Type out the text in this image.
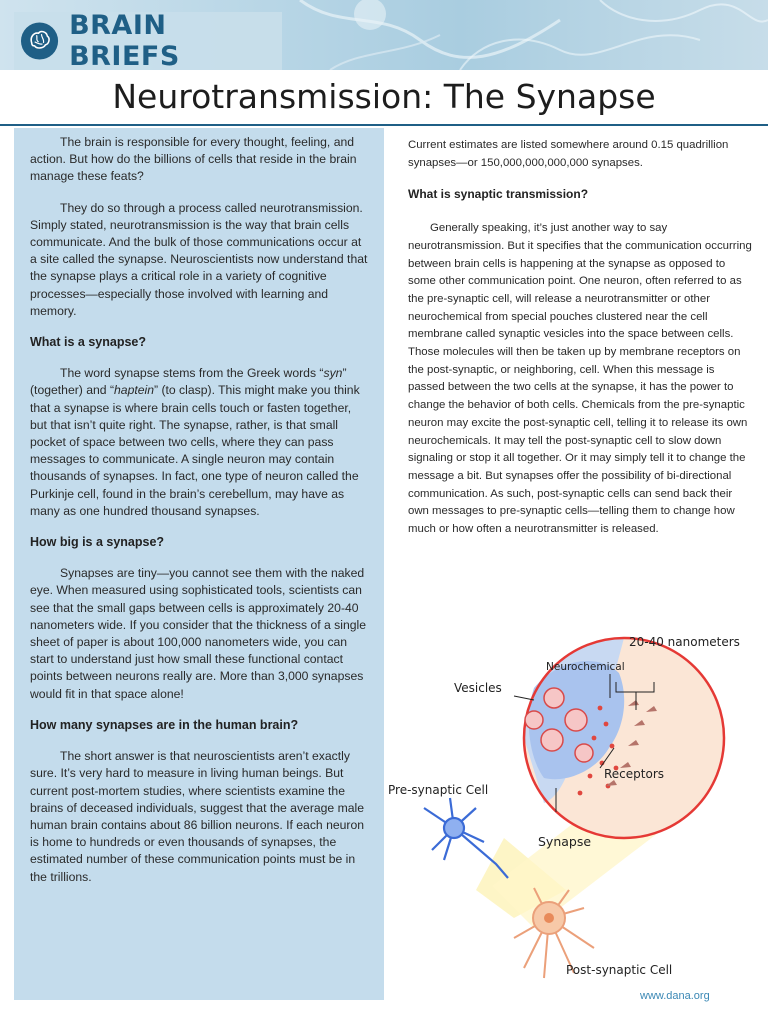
BRAIN BRIEFS
Neurotransmission: The Synapse

The brain is responsible for every thought, feeling, and action. But how do the billions of cells that reside in the brain manage these feats?

They do so through a process called neurotransmission. Simply stated, neurotransmission is the way that brain cells communicate. And the bulk of those communications occur at a site called the synapse. Neuroscientists now understand that the synapse plays a critical role in a variety of cognitive processes—especially those involved with learning and memory.

What is a synapse?

The word synapse stems from the Greek words “syn” (together) and “haptein” (to clasp). This might make you think that a synapse is where brain cells touch or fasten together, but that isn’t quite right. The synapse, rather, is that small pocket of space between two cells, where they can pass messages to communicate. A single neuron may contain thousands of synapses. In fact, one type of neuron called the Purkinje cell, found in the brain’s cerebellum, may have as many as one hundred thousand synapses.

How big is a synapse?

Synapses are tiny—you cannot see them with the naked eye. When measured using sophisticated tools, scientists can see that the small gaps between cells is approximately 20-40 nanometers wide. If you consider that the thickness of a single sheet of paper is about 100,000 nanometers wide, you can start to understand just how small these functional contact points between neurons really are. More than 3,000 synapses would fit in that space alone!

How many synapses are in the human brain?

The short answer is that neuroscientists aren’t exactly sure. It’s very hard to measure in living human beings. But current post-mortem studies, where scientists examine the brains of deceased individuals, suggest that the average male human brain contains about 86 billion neurons. If each neuron is home to hundreds or even thousands of synapses, the estimated number of these communication points must be in the trillions.

Current estimates are listed somewhere around 0.15 quadrillion synapses—or 150,000,000,000,000 synapses.

What is synaptic transmission?

Generally speaking, it’s just another way to say neurotransmission. But it specifies that the communication occurring between brain cells is happening at the synapse as opposed to some other communication point. One neuron, often referred to as the pre-synaptic cell, will release a neurotransmitter or other neurochemical from special pouches clustered near the cell membrane called synaptic vesicles into the space between cells. Those molecules will then be taken up by membrane receptors on the post-synaptic, or neighboring, cell. When this message is passed between the two cells at the synapse, it has the power to change the behavior of both cells. Chemicals from the pre-synaptic neuron may excite the post-synaptic cell, telling it to release its own neurochemicals. It may tell the post-synaptic cell to slow down signaling or stop it all together. Or it may simply tell it to change the message a bit. But synapses offer the possibility of bi-directional communication. As such, post-synaptic cells can send back their own messages to pre-synaptic cells—telling them to change how much or how often a neurotransmitter is released.

20-40 nanometers
Neurochemical
Vesicles
Receptors
Pre-synaptic Cell
Synapse
Post-synaptic Cell
www.dana.org
